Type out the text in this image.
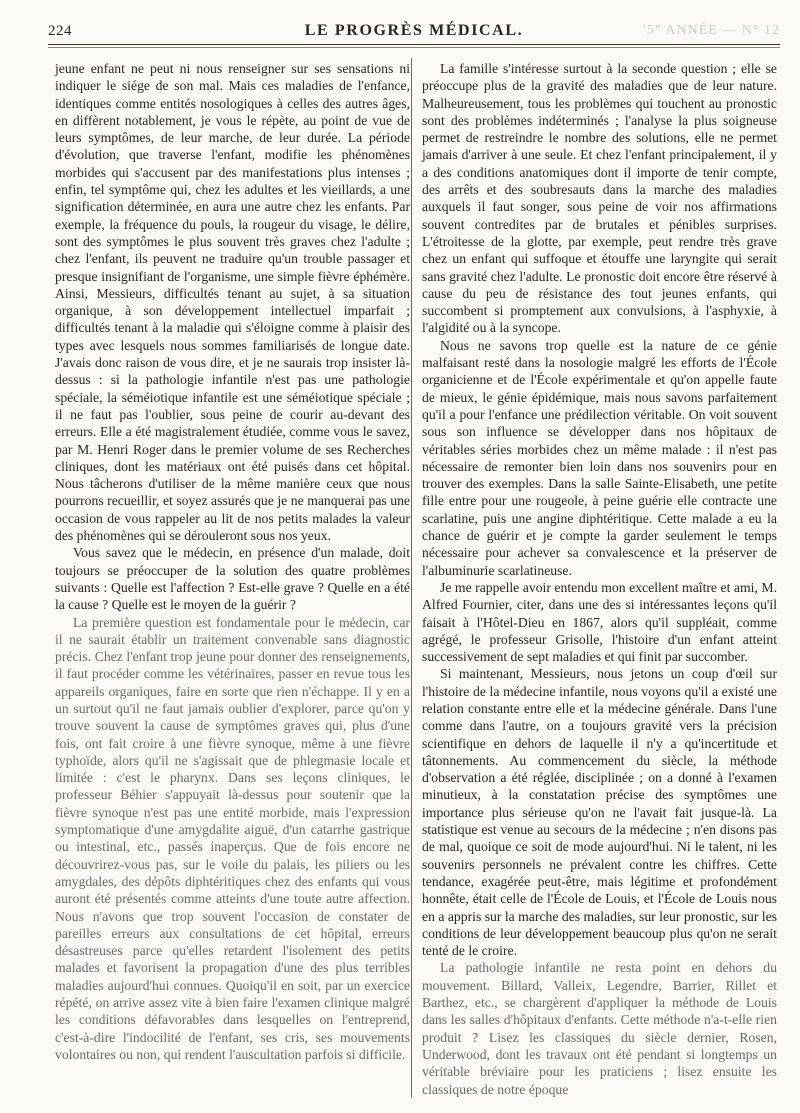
224	LE PROGRÈS MÉDICAL.	'5" ANNÉE — N° 12

jeune enfant ne peut ni nous renseigner sur ses sensations ni indiquer le siége de son mal. Mais ces maladies de l'enfance, identiques comme entités nosologiques à celles des autres âges, en diffèrent notablement, je vous le répète, au point de vue de leurs symptômes, de leur marche, de leur durée. La période d'évolution, que traverse l'enfant, modifie les phénomènes morbides qui s'accusent par des manifestations plus intenses ; enfin, tel symptôme qui, chez les adultes et les vieillards, a une signification déterminée, en aura une autre chez les enfants. Par exemple, la fréquence du pouls, la rougeur du visage, le délire, sont des symptômes le plus souvent très graves chez l'adulte ; chez l'enfant, ils peuvent ne traduire qu'un trouble passager et presque insignifiant de l'organisme, une simple fièvre éphémère. Ainsi, Messieurs, difficultés tenant au sujet, à sa situation organique, à son développement intellectuel imparfait ; difficultés tenant à la maladie qui s'éloigne comme à plaisir des types avec lesquels nous sommes familiarisés de longue date. J'avais donc raison de vous dire, et je ne saurais trop insister là-dessus : si la pathologie infantile n'est pas une pathologie spéciale, la séméiotique infantile est une séméiotique spéciale ; il ne faut pas l'oublier, sous peine de courir au-devant des erreurs. Elle a été magistralement étudiée, comme vous le savez, par M. Henri Roger dans le premier volume de ses Recherches cliniques, dont les matériaux ont été puisés dans cet hôpital. Nous tâcherons d'utiliser de la même manière ceux que nous pourrons recueillir, et soyez assurés que je ne manquerai pas une occasion de vous rappeler au lit de nos petits malades la valeur des phénomènes qui se dérouleront sous nos yeux.

Vous savez que le médecin, en présence d'un malade, doit toujours se préoccuper de la solution des quatre problèmes suivants : Quelle est l'affection ? Est-elle grave ? Quelle en a été la cause ? Quelle est le moyen de la guérir ?

La première question est fondamentale pour le médecin, car il ne saurait établir un traitement convenable sans diagnostic précis. Chez l'enfant trop jeune pour donner des renseignements, il faut procéder comme les vétérinaires, passer en revue tous les appareils organiques, faire en sorte que rien n'échappe. Il y en a un surtout qu'il ne faut jamais oublier d'explorer, parce qu'on y trouve souvent la cause de symptômes graves qui, plus d'une fois, ont fait croire à une fièvre synoque, même à une fièvre typhoïde, alors qu'il ne s'agissait que de phlegmasie locale et limitée : c'est le pharynx. Dans ses leçons cliniques, le professeur Béhier s'appuyait là-dessus pour soutenir que la fièvre synoque n'est pas une entité morbide, mais l'expression symptomatique d'une amygdalite aiguë, d'un catarrhe gastrique ou intestinal, etc., passés inaperçus. Que de fois encore ne découvrirez-vous pas, sur le voile du palais, les piliers ou les amygdales, des dépôts diphtéritiques chez des enfants qui vous auront été présentés comme atteints d'une toute autre affection. Nous n'avons que trop souvent l'occasion de constater de pareilles erreurs aux consultations de cet hôpital, erreurs désastreuses parce qu'elles retardent l'isolement des petits malades et favorisent la propagation d'une des plus terribles maladies aujourd'hui connues. Quoiqu'il en soit, par un exercice répété, on arrive assez vite à bien faire l'examen clinique malgré les conditions défavorables dans lesquelles on l'entreprend, c'est-à-dire l'indocilité de l'enfant, ses cris, ses mouvements volontaires ou non, qui rendent l'auscultation parfois si difficile.

La famille s'intéresse surtout à la seconde question ; elle se préoccupe plus de la gravité des maladies que de leur nature. Malheureusement, tous les problèmes qui touchent au pronostic sont des problèmes indéterminés ; l'analyse la plus soigneuse permet de restreindre le nombre des solutions, elle ne permet jamais d'arriver à une seule. Et chez l'enfant principalement, il y a des conditions anatomiques dont il importe de tenir compte, des arrêts et des soubresauts dans la marche des maladies auxquels il faut songer, sous peine de voir nos affirmations souvent contredites par de brutales et pénibles surprises. L'étroitesse de la glotte, par exemple, peut rendre très grave chez un enfant qui suffoque et étouffe une laryngite qui serait sans gravité chez l'adulte. Le pronostic doit encore être réservé à cause du peu de résistance des tout jeunes enfants, qui succombent si promptement aux convulsions, à l'asphyxie, à l'algidité ou à la syncope.

Nous ne savons trop quelle est la nature de ce génie malfaisant resté dans la nosologie malgré les efforts de l'École organicienne et de l'École expérimentale et qu'on appelle faute de mieux, le génie épidémique, mais nous savons parfaitement qu'il a pour l'enfance une prédilection véritable. On voit souvent sous son influence se développer dans nos hôpitaux de véritables séries morbides chez un même malade : il n'est pas nécessaire de remonter bien loin dans nos souvenirs pour en trouver des exemples. Dans la salle Sainte-Elisabeth, une petite fille entre pour une rougeole, à peine guérie elle contracte une scarlatine, puis une angine diphtéritique. Cette malade a eu la chance de guérir et je compte la garder seulement le temps nécessaire pour achever sa convalescence et la préserver de l'albuminurie scarlatineuse.

Je me rappelle avoir entendu mon excellent maître et ami, M. Alfred Fournier, citer, dans une des si intéressantes leçons qu'il faisait à l'Hôtel-Dieu en 1867, alors qu'il suppléait, comme agrégé, le professeur Grisolle, l'histoire d'un enfant atteint successivement de sept maladies et qui finit par succomber.

Si maintenant, Messieurs, nous jetons un coup d'œil sur l'histoire de la médecine infantile, nous voyons qu'il a existé une relation constante entre elle et la médecine générale. Dans l'une comme dans l'autre, on a toujours gravité vers la précision scientifique en dehors de laquelle il n'y a qu'incertitude et tâtonnements. Au commencement du siècle, la méthode d'observation a été réglée, disciplinée ; on a donné à l'examen minutieux, à la constatation précise des symptômes une importance plus sérieuse qu'on ne l'avait fait jusque-là. La statistique est venue au secours de la médecine ; n'en disons pas de mal, quoique ce soit de mode aujourd'hui. Ni le talent, ni les souvenirs personnels ne prévalent contre les chiffres. Cette tendance, exagérée peut-être, mais légitime et profondément honnête, était celle de l'École de Louis, et l'École de Louis nous en a appris sur la marche des maladies, sur leur pronostic, sur les conditions de leur développement beaucoup plus qu'on ne serait tenté de le croire.

La pathologie infantile ne resta point en dehors du mouvement. Billard, Valleix, Legendre, Barrier, Rillet et Barthez, etc., se chargèrent d'appliquer la méthode de Louis dans les salles d'hôpitaux d'enfants. Cette méthode n'a-t-elle rien produit ? Lisez les classiques du siècle dernier, Rosen, Underwood, dont les travaux ont été pendant si longtemps un véritable bréviaire pour les praticiens ; lisez ensuite les classiques de notre époque
